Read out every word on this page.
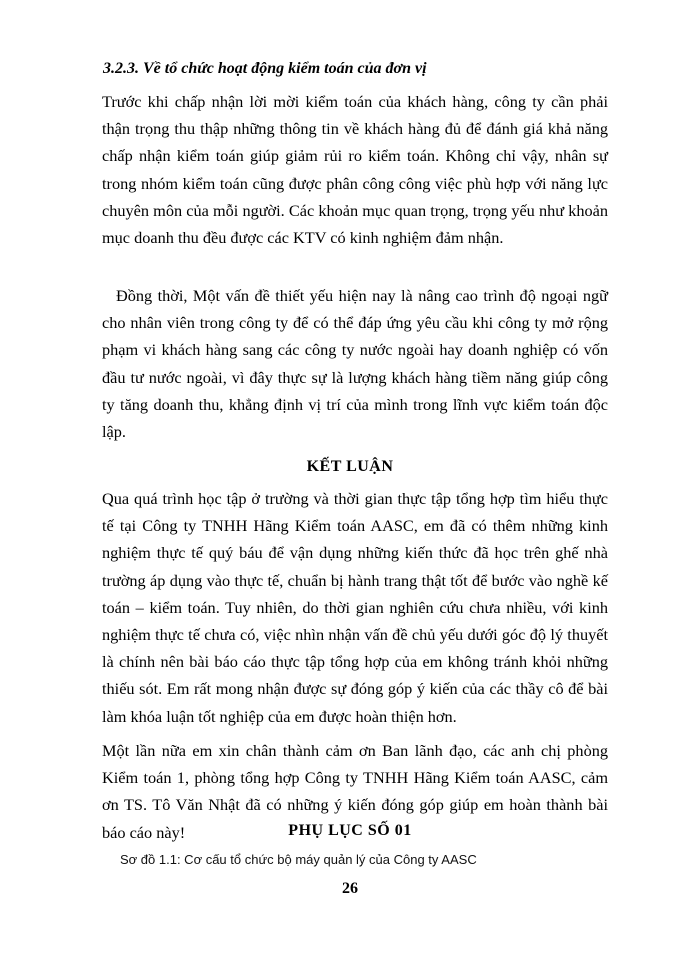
3.2.3. Về tổ chức hoạt động kiểm toán của đơn vị

Trước khi chấp nhận lời mời kiểm toán của khách hàng, công ty cần phải thận trọng thu thập những thông tin về khách hàng đủ để đánh giá khả năng chấp nhận kiểm toán giúp giảm rủi ro kiểm toán. Không chỉ vậy, nhân sự trong nhóm kiểm toán cũng được phân công công việc phù hợp với năng lực chuyên môn của mỗi người. Các khoản mục quan trọng, trọng yếu như khoản mục doanh thu đều được các KTV có kinh nghiệm đảm nhận.

Đồng thời, Một vấn đề thiết yếu hiện nay là nâng cao trình độ ngoại ngữ cho nhân viên trong công ty để có thể đáp ứng yêu cầu khi công ty mở rộng phạm vi khách hàng sang các công ty nước ngoài hay doanh nghiệp có vốn đầu tư nước ngoài, vì đây thực sự là lượng khách hàng tiềm năng giúp công ty tăng doanh thu, khẳng định vị trí của mình trong lĩnh vực kiểm toán độc lập.

KẾT LUẬN

Qua quá trình học tập ở trường và thời gian thực tập tổng hợp tìm hiểu thực tế tại Công ty TNHH Hãng Kiểm toán AASC, em đã có thêm những kinh nghiệm thực tế quý báu để vận dụng những kiến thức đã học trên ghế nhà trường áp dụng vào thực tế, chuẩn bị hành trang thật tốt để bước vào nghề kế toán – kiểm toán. Tuy nhiên, do thời gian nghiên cứu chưa nhiều, với kinh nghiệm thực tế chưa có, việc nhìn nhận vấn đề chủ yếu dưới góc độ lý thuyết là chính nên bài báo cáo thực tập tổng hợp của em không tránh khỏi những thiếu sót. Em rất mong nhận được sự đóng góp ý kiến của các thầy cô để bài làm khóa luận tốt nghiệp của em được hoàn thiện hơn.

Một lần nữa em xin chân thành cảm ơn Ban lãnh đạo, các anh chị phòng Kiểm toán 1, phòng tổng hợp Công ty TNHH Hãng Kiểm toán AASC, cảm ơn TS. Tô Văn Nhật đã có những ý kiến đóng góp giúp em hoàn thành bài báo cáo này!	PHỤ LỤC SỐ 01

Sơ đồ 1.1: Cơ cấu tổ chức bộ máy quản lý của Công ty AASC

26
